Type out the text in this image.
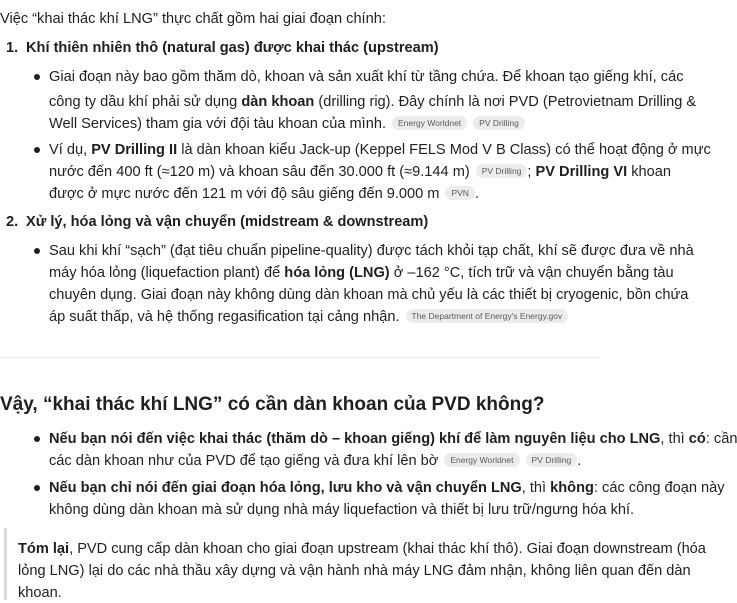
Việc “khai thác khí LNG” thực chất gồm hai giai đoạn chính:
1. Khí thiên nhiên thô (natural gas) được khai thác (upstream)
Giai đoạn này bao gồm thăm dò, khoan và sản xuất khí từ tầng chứa. Để khoan tạo giếng khí, các
công ty dầu khí phải sử dụng dàn khoan (drilling rig). Đây chính là nơi PVD (Petrovietnam Drilling &
Well Services) tham gia với đội tàu khoan của mình. Energy Worldnet PV Drilling
Ví dụ, PV Drilling II là dàn khoan kiểu Jack-up (Keppel FELS Mod V B Class) có thể hoạt động ở mực
nước đến 400 ft (≈120 m) và khoan sâu đến 30.000 ft (≈9.144 m) PV Drilling ; PV Drilling VI khoan
được ở mực nước đến 121 m với độ sâu giếng đến 9.000 m PVN .
2. Xử lý, hóa lỏng và vận chuyển (midstream & downstream)
Sau khi khí “sạch” (đạt tiêu chuẩn pipeline-quality) được tách khỏi tạp chất, khí sẽ được đưa về nhà
máy hóa lỏng (liquefaction plant) để hóa lỏng (LNG) ở –162 °C, tích trữ và vận chuyển bằng tàu
chuyên dụng. Giai đoạn này không dùng dàn khoan mà chủ yếu là các thiết bị cryogenic, bồn chứa
áp suất thấp, và hệ thống regasification tại cảng nhận. The Department of Energy's Energy.gov
Vậy, “khai thác khí LNG” có cần dàn khoan của PVD không?
Nếu bạn nói đến việc khai thác (thăm dò – khoan giếng) khí để làm nguyên liệu cho LNG, thì có: cần
các dàn khoan như của PVD để tạo giếng và đưa khí lên bờ Energy Worldnet PV Drilling .
Nếu bạn chỉ nói đến giai đoạn hóa lỏng, lưu kho và vận chuyển LNG, thì không: các công đoạn này
không dùng dàn khoan mà sử dụng nhà máy liquefaction và thiết bị lưu trữ/ngưng hóa khí.
Tóm lại, PVD cung cấp dàn khoan cho giai đoạn upstream (khai thác khí thô). Giai đoạn downstream (hóa
lỏng LNG) lại do các nhà thầu xây dựng và vận hành nhà máy LNG đảm nhận, không liên quan đến dàn
khoan.
